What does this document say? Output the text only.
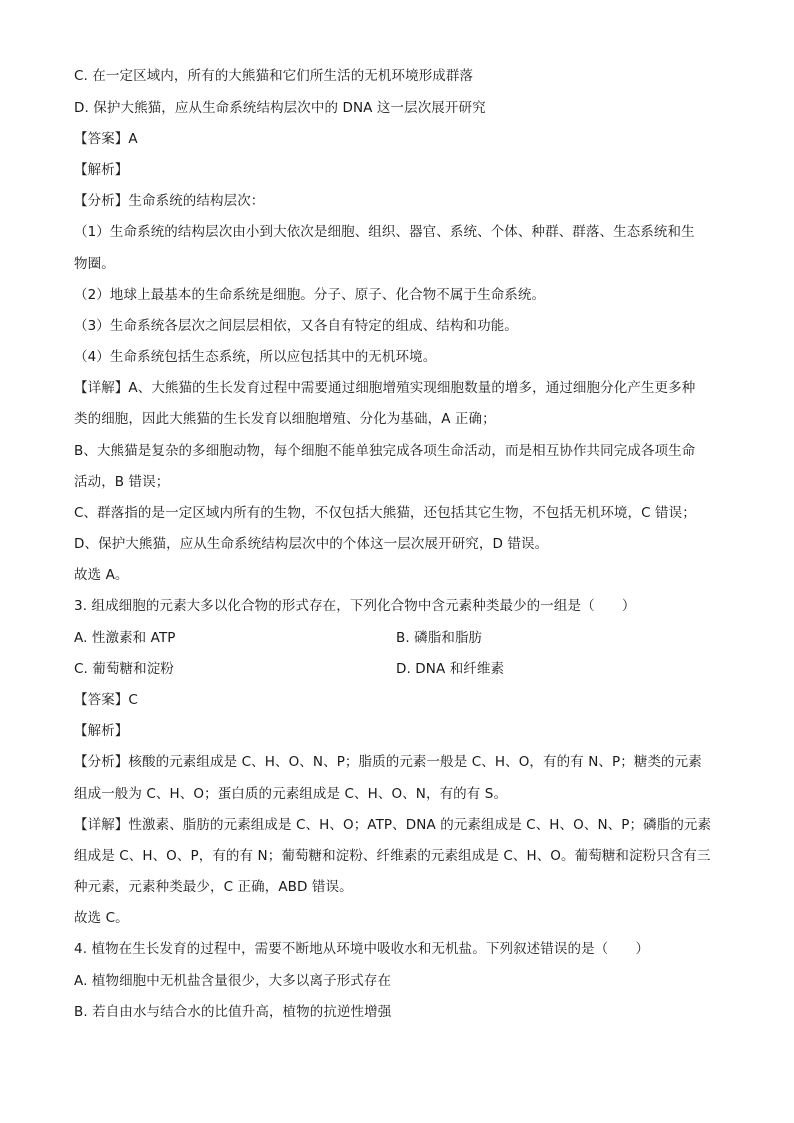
C. 在一定区域内，所有的大熊猫和它们所生活的无机环境形成群落
D. 保护大熊猫，应从生命系统结构层次中的 DNA 这一层次展开研究
【答案】A
【解析】
【分析】生命系统的结构层次：
（1）生命系统的结构层次由小到大依次是细胞、组织、器官、系统、个体、种群、群落、生态系统和生
物圈。
（2）地球上最基本的生命系统是细胞。分子、原子、化合物不属于生命系统。
（3）生命系统各层次之间层层相依，又各自有特定的组成、结构和功能。
（4）生命系统包括生态系统，所以应包括其中的无机环境。
【详解】A、大熊猫的生长发育过程中需要通过细胞增殖实现细胞数量的增多，通过细胞分化产生更多种
类的细胞，因此大熊猫的生长发育以细胞增殖、分化为基础，A 正确；
B、大熊猫是复杂的多细胞动物，每个细胞不能单独完成各项生命活动，而是相互协作共同完成各项生命
活动，B 错误；
C、群落指的是一定区域内所有的生物，不仅包括大熊猫，还包括其它生物，不包括无机环境，C 错误；
D、保护大熊猫，应从生命系统结构层次中的个体这一层次展开研究，D 错误。
故选 A。
3. 组成细胞的元素大多以化合物的形式存在，下列化合物中含元素种类最少的一组是（　　）
A. 性激素和 ATP	B. 磷脂和脂肪
C. 葡萄糖和淀粉	D. DNA 和纤维素
【答案】C
【解析】
【分析】核酸的元素组成是 C、H、O、N、P；脂质的元素一般是 C、H、O，有的有 N、P；糖类的元素
组成一般为 C、H、O；蛋白质的元素组成是 C、H、O、N，有的有 S。
【详解】性激素、脂肪的元素组成是 C、H、O；ATP、DNA 的元素组成是 C、H、O、N、P；磷脂的元素
组成是 C、H、O、P，有的有 N；葡萄糖和淀粉、纤维素的元素组成是 C、H、O。葡萄糖和淀粉只含有三
种元素，元素种类最少，C 正确，ABD 错误。
故选 C。
4. 植物在生长发育的过程中，需要不断地从环境中吸收水和无机盐。下列叙述错误的是（　　）
A. 植物细胞中无机盐含量很少，大多以离子形式存在
B. 若自由水与结合水的比值升高，植物的抗逆性增强
